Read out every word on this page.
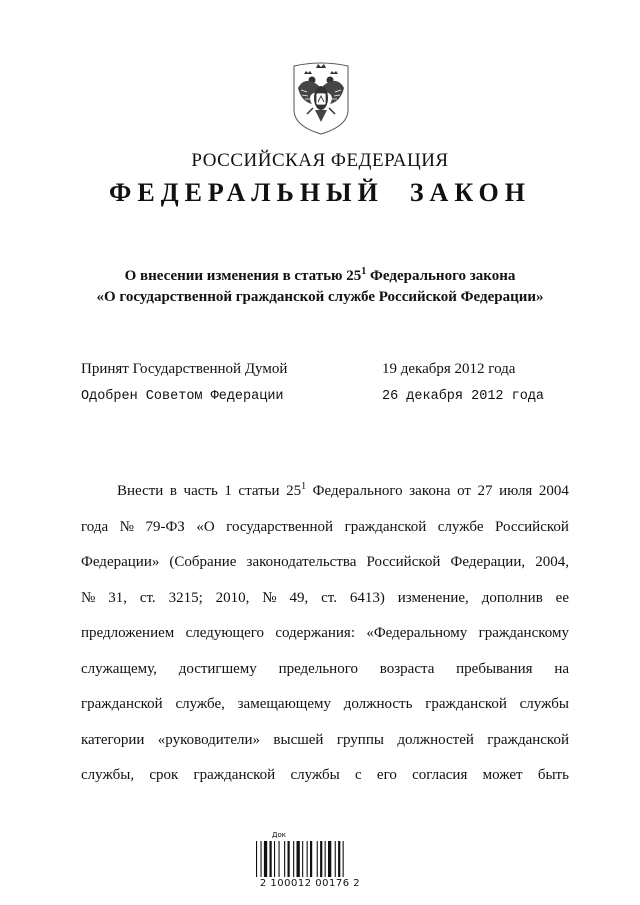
РОССИЙСКАЯ ФЕДЕРАЦИЯ
ФЕДЕРАЛЬНЫЙ ЗАКОН
О внесении изменения в статью $25^1$ Федерального закона
«О государственной гражданской службе Российской Федерации»
Принят Государственной Думой	19 декабря 2012 года
Одобрен Советом Федерации	26 декабря 2012 года
Внести в часть 1 статьи $25^1$ Федерального закона от 27 июля 2004
года № 79-ФЗ «О государственной гражданской службе Российской
Федерации» (Собрание законодательства Российской Федерации, 2004,
№ 31, ст. 3215; 2010, № 49, ст. 6413) изменение, дополнив ее
предложением следующего содержания: «Федеральному гражданскому
служащему, достигшему предельного возраста пребывания на
гражданской службе, замещающему должность гражданской службы
категории «руководители» высшей группы должностей гражданской
службы, срок гражданской службы с его согласия может быть
Док
2 100012 00176 2
